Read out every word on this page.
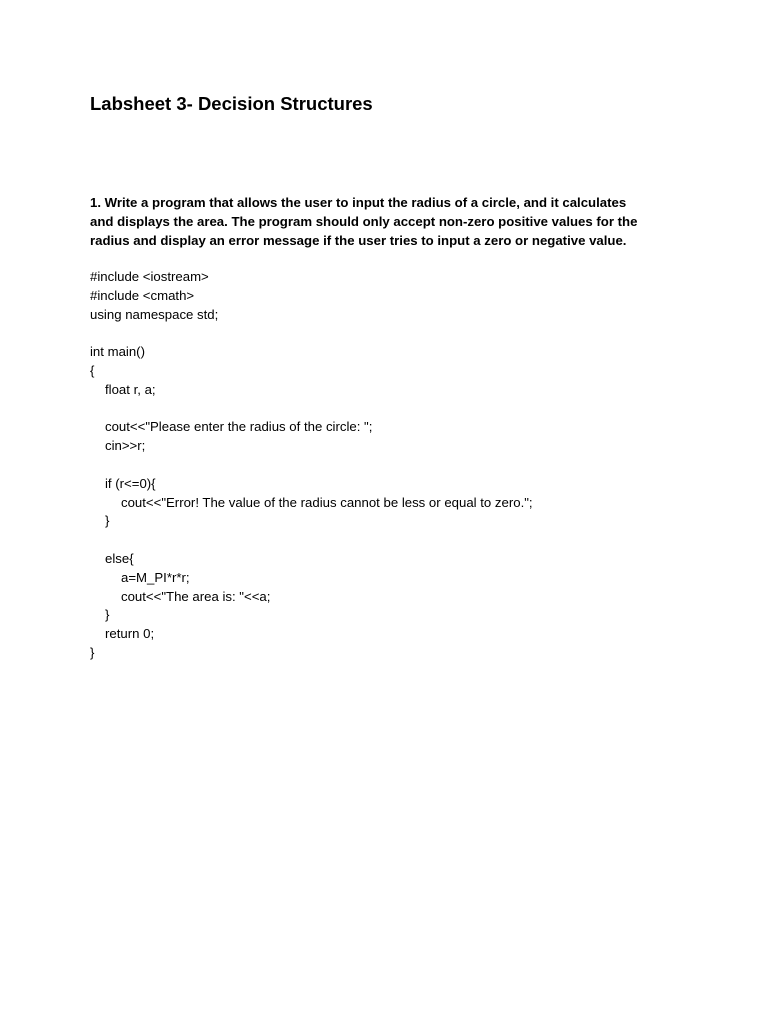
Labsheet 3- Decision Structures
1. Write a program that allows the user to input the radius of a circle, and it calculates
and displays the area. The program should only accept non-zero positive values for the
radius and display an error message if the user tries to input a zero or negative value.
#include <iostream>
#include <cmath>
using namespace std;
int main()
{
float r, a;
cout<<"Please enter the radius of the circle: ";
cin>>r;
if (r<=0){
cout<<"Error! The value of the radius cannot be less or equal to zero.";
}
else{
a=M_PI*r*r;
cout<<"The area is: "<<a;
}
return 0;
}
